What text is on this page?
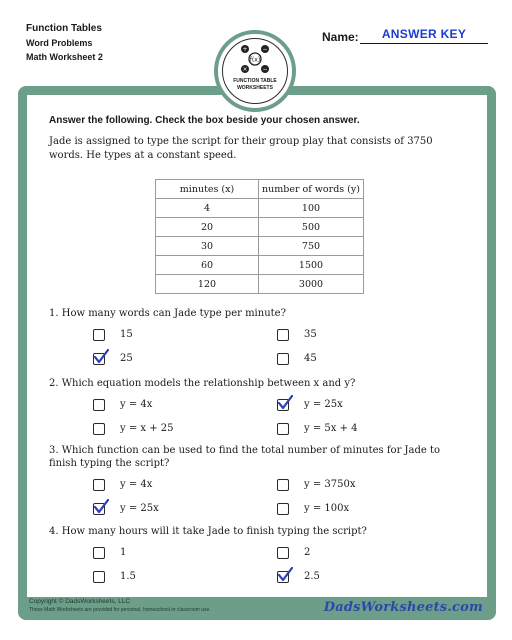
Function Tables
Word Problems
Math Worksheet 2
Name:	ANSWER KEY
f(x)
+ −
× −
FUNCTION TABLE
WORKSHEETS
Answer the following. Check the box beside your chosen answer.
Jade is assigned to type the script for their group play that consists of 3750 words. He types at a constant speed.
minutes (x)	number of words (y)
4	100
20	500
30	750
60	1500
120	3000
1. How many words can Jade type per minute?
15	35
25	45
2. Which equation models the relationship between x and y?
y = 4x	y = 25x
y = x + 25	y = 5x + 4
3. Which function can be used to find the total number of minutes for Jade to finish typing the script?
y = 4x	y = 3750x
y = 25x	y = 100x
4. How many hours will it take Jade to finish typing the script?
1	2
1.5	2.5
Copyright © DadsWorksheets, LLC
These Math Worksheets are provided for personal, homeschool or classroom use.	DadsWorksheets.com
